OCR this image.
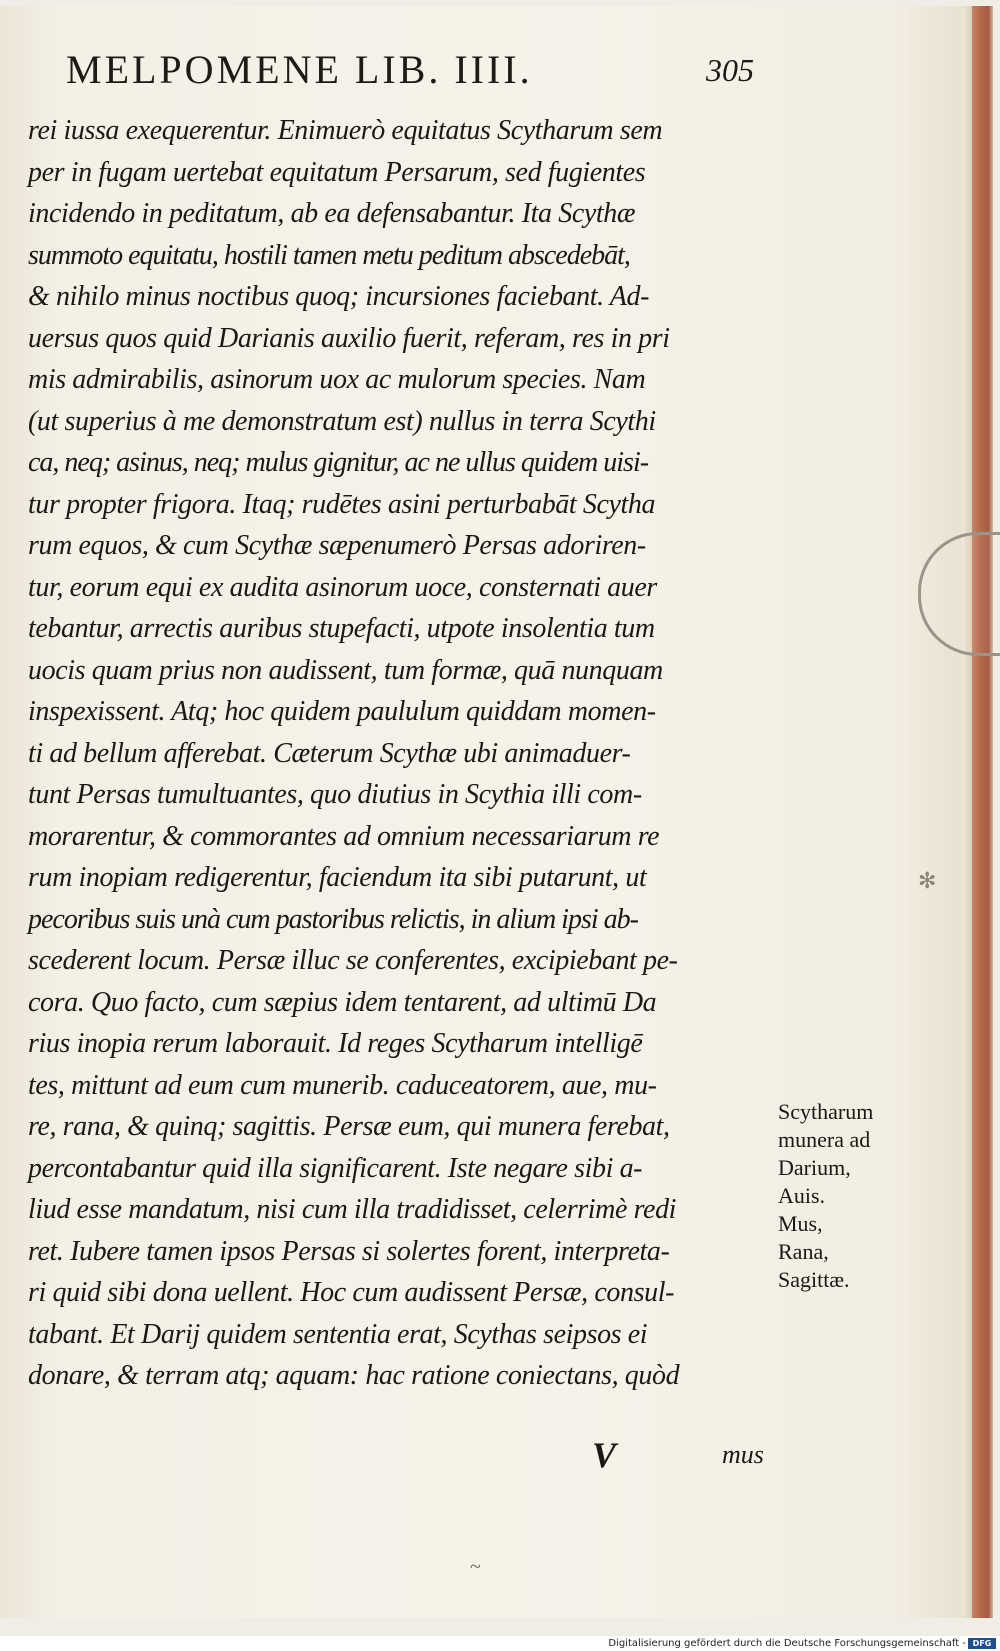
MELPOMENE LIB. IIII.	305
rei iussa exequerentur. Enimuerò equitatus Scytharum sem
per in fugam uertebat equitatum Persarum, sed fugientes
incidendo in peditatum, ab ea defensabantur. Ita Scythæ
summoto equitatu, hostili tamen metu peditum abscedebāt,
& nihilo minus noctibus quoq; incursiones faciebant. Ad-
uersus quos quid Darianis auxilio fuerit, referam, res in pri
mis admirabilis, asinorum uox ac mulorum species. Nam
(ut superius à me demonstratum est) nullus in terra Scythi
ca, neq; asinus, neq; mulus gignitur, ac ne ullus quidem uisi-
tur propter frigora. Itaq; rudētes asini perturbabāt Scytha
rum equos, & cum Scythæ sæpenumerò Persas adoriren-
tur, eorum equi ex audita asinorum uoce, consternati auer
tebantur, arrectis auribus stupefacti, utpote insolentia tum
uocis quam prius non audissent, tum formæ, quā nunquam
inspexissent. Atq; hoc quidem paululum quiddam momen-
ti ad bellum afferebat. Cæterum Scythæ ubi animaduer-
tunt Persas tumultuantes, quo diutius in Scythia illi com-
morarentur, & commorantes ad omnium necessariarum re
rum inopiam redigerentur, faciendum ita sibi putarunt, ut
pecoribus suis unà cum pastoribus relictis, in alium ipsi ab-
scederent locum. Persæ illuc se conferentes, excipiebant pe-
cora. Quo facto, cum sæpius idem tentarent, ad ultimū Da
rius inopia rerum laborauit. Id reges Scytharum intelligē
tes, mittunt ad eum cum munerib. caduceatorem, aue, mu-
re, rana, & quinq; sagittis. Persæ eum, qui munera ferebat,
percontabantur quid illa significarent. Iste negare sibi a-
liud esse mandatum, nisi cum illa tradidisset, celerrimè redi
ret. Iubere tamen ipsos Persas si solertes forent, interpreta-
ri quid sibi dona uellent. Hoc cum audissent Persæ, consul-
tabant. Et Darij quidem sententia erat, Scythas seipsos ei
donare, & terram atq; aquam: hac ratione coniectans, quòd
Scytharum
munera ad
Darium,
Auis.
Mus,
Rana,
Sagittæ.
✻
V	mus
~
Digitalisierung gefördert durch die Deutsche Forschungsgemeinschaft - DFG
